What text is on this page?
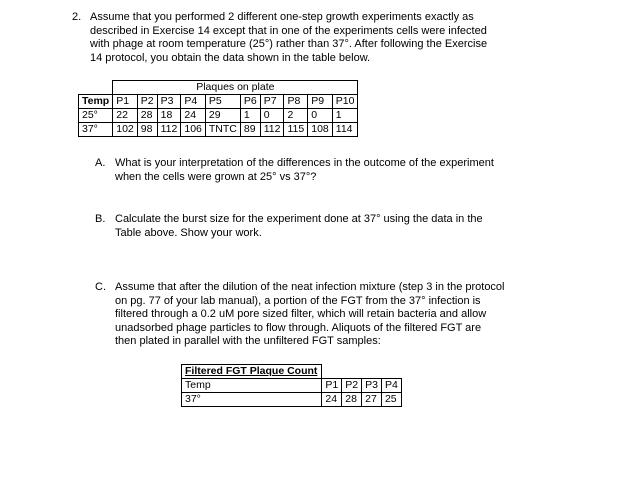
2. Assume that you performed 2 different one-step growth experiments exactly as
described in Exercise 14 except that in one of the experiments cells were infected
with phage at room temperature (25°) rather than 37°. After following the Exercise
14 protocol, you obtain the data shown in the table below.
	Plaques on plate									
Temp	P1	P2	P3	P4	P5	P6	P7	P8	P9	P10
25°	22	28	18	24	29	1	0	2	0	1
37°	102	98	112	106	TNTC	89	112	115	108	114
A. What is your interpretation of the differences in the outcome of the experiment
when the cells were grown at 25° vs 37°?
B. Calculate the burst size for the experiment done at 37° using the data in the
Table above. Show your work.
C. Assume that after the dilution of the neat infection mixture (step 3 in the protocol
on pg. 77 of your lab manual), a portion of the FGT from the 37° infection is
filtered through a 0.2 uM pore sized filter, which will retain bacteria and allow
unadsorbed phage particles to flow through. Aliquots of the filtered FGT are
then plated in parallel with the unfiltered FGT samples:
Filtered FGT Plaque Count				
Temp	P1	P2	P3	P4
37°	24	28	27	25
